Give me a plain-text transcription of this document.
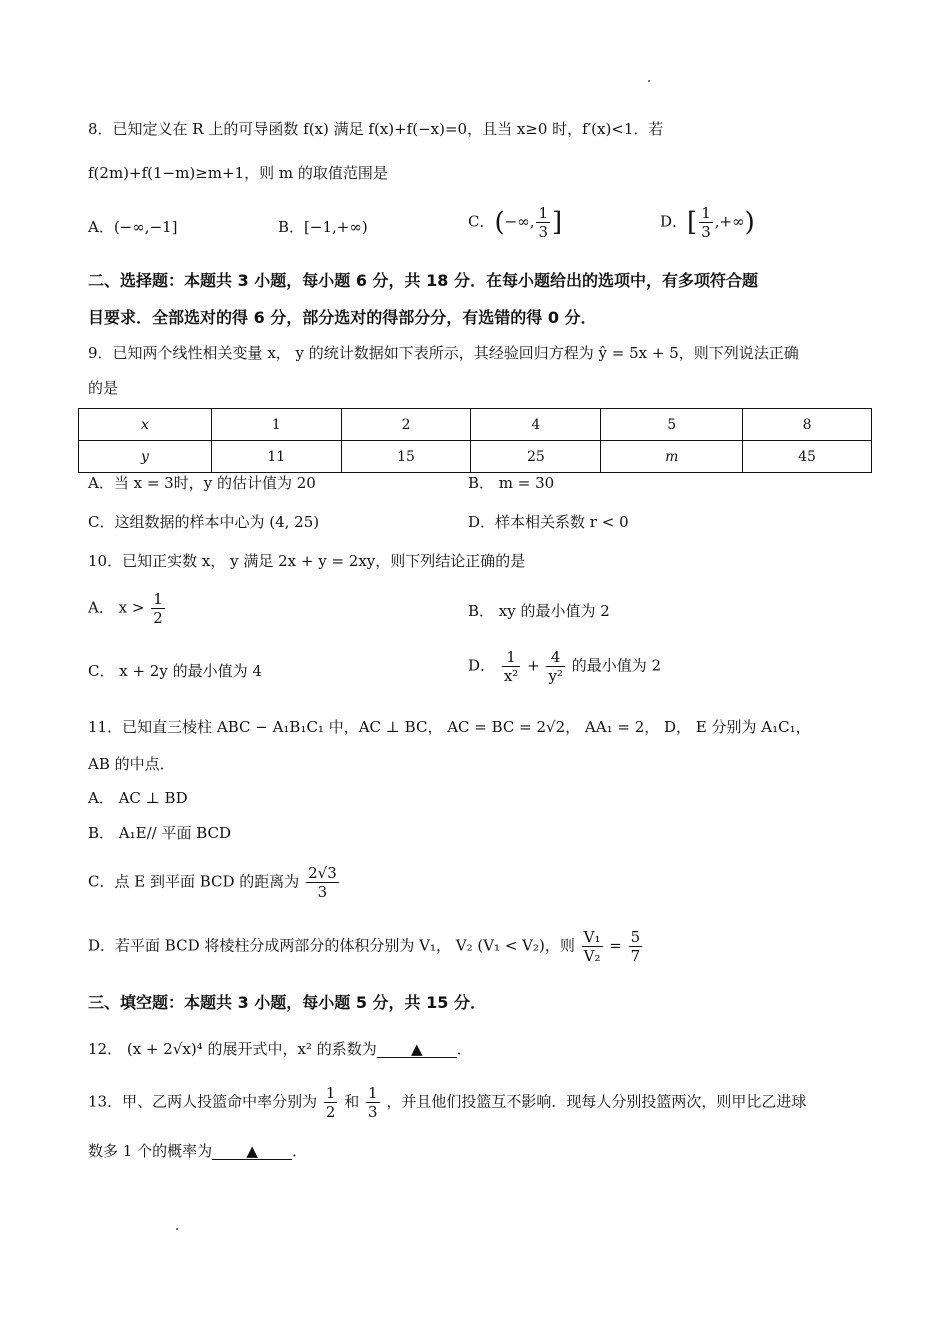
8．已知定义在 R 上的可导函数 f(x) 满足 f(x)+f(−x)=0，且当 x≥0 时，f′(x)<1．若
f(2m)+f(1−m)≥m+1，则 m 的取值范围是
A．(−∞,−1]	B．[−1,+∞)	C．(−∞, $\frac{1}{3}$ ]	D．[ $\frac{1}{3}$ ,+∞)
二、选择题：本题共 3 小题，每小题 6 分，共 18 分．在每小题给出的选项中，有多项符合题
目要求．全部选对的得 6 分，部分选对的得部分分，有选错的得 0 分．
9．已知两个线性相关变量 x， y 的统计数据如下表所示，其经验回归方程为 ŷ = 5x + 5，则下列说法正确
的是
x	1	2	4	5	8
y	11	15	25	m	45
A．当 x = 3时，y 的估计值为 20	B． m = 30
C．这组数据的样本中心为 (4, 25)	D．样本相关系数 r < 0
10．已知正实数 x， y 满足 2x + y = 2xy，则下列结论正确的是
A． $x > \frac{1}{2}$	B． xy 的最小值为 2
C． x + 2y 的最小值为 4	D． $\frac{1}{\text{x²}} + \frac{4}{\text{y²}}$ 的最小值为 2
11．已知直三棱柱 ABC − A₁B₁C₁ 中，AC ⊥ BC， AC = BC = 2√2， AA₁ = 2， D， E 分别为 A₁C₁，
AB 的中点．
A． AC ⊥ BD
B． A₁E// 平面 BCD
C．点 E 到平面 BCD 的距离为 $\frac{2√3}{3}$
D．若平面 BCD 将棱柱分成两部分的体积分别为 V₁， V₂ (V₁ < V₂)，则 $\frac{\text{V₁}}{\text{V₂}} = \frac{5}{7}$
三、填空题：本题共 3 小题，每小题 5 分，共 15 分．
12． (x + 2√x)⁴ 的展开式中，x² 的系数为 ▲ ．
13．甲、乙两人投篮命中率分别为 $\frac{1}{2}$ 和 $\frac{1}{3}$ ，并且他们投篮互不影响．现每人分别投篮两次，则甲比乙进球
数多 1 个的概率为 ▲ ．
